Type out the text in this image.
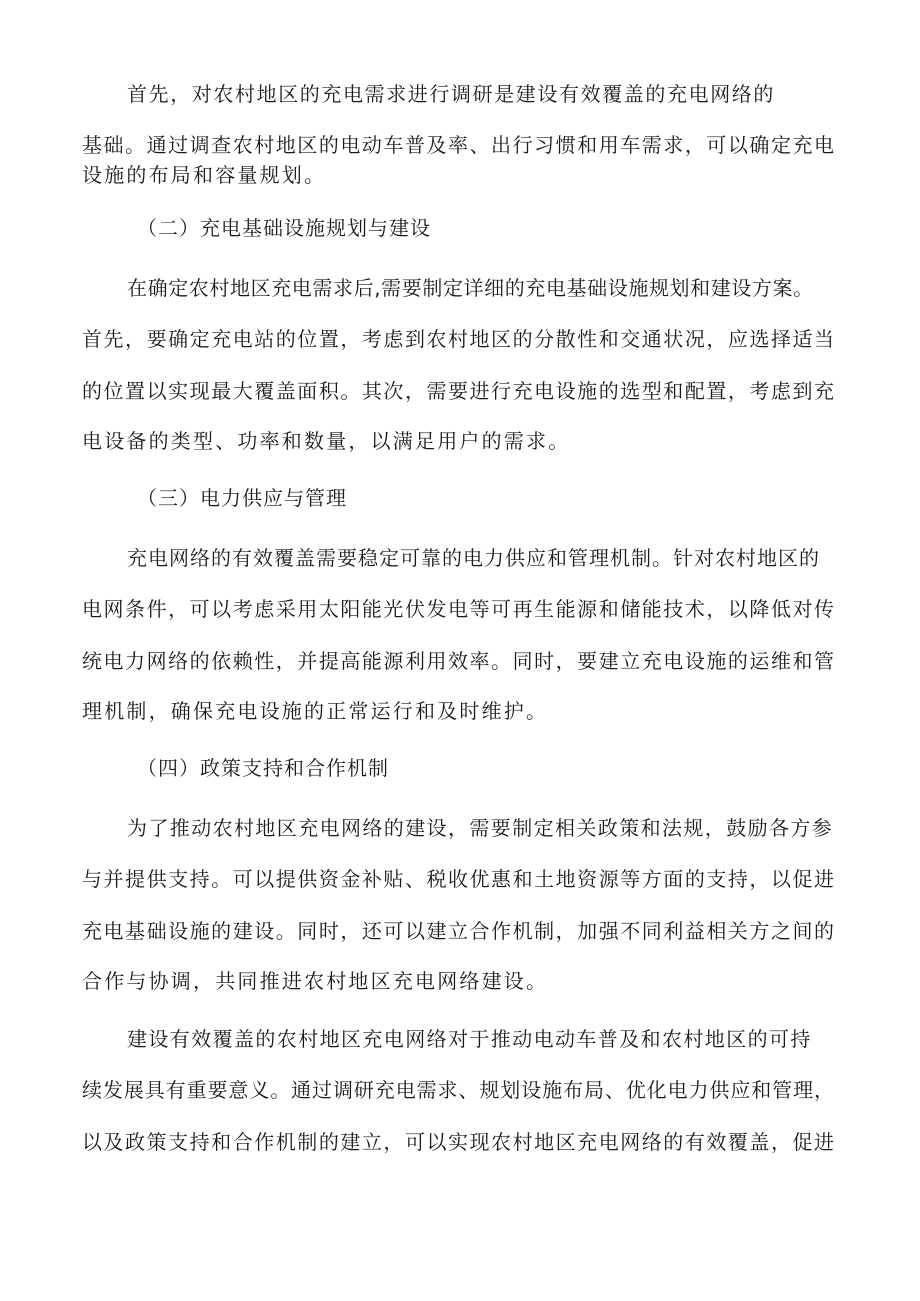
首先，对农村地区的充电需求进行调研是建设有效覆盖的充电网络的
基础。通过调查农村地区的电动车普及率、出行习惯和用车需求，可以确定充电
设施的布局和容量规划。
（二）充电基础设施规划与建设
在确定农村地区充电需求后,需要制定详细的充电基础设施规划和建设方案。
首先，要确定充电站的位置，考虑到农村地区的分散性和交通状况，应选择适当
的位置以实现最大覆盖面积。其次，需要进行充电设施的选型和配置，考虑到充
电设备的类型、功率和数量，以满足用户的需求。
（三）电力供应与管理
充电网络的有效覆盖需要稳定可靠的电力供应和管理机制。针对农村地区的
电网条件，可以考虑采用太阳能光伏发电等可再生能源和储能技术，以降低对传
统电力网络的依赖性，并提高能源利用效率。同时，要建立充电设施的运维和管
理机制，确保充电设施的正常运行和及时维护。
（四）政策支持和合作机制
为了推动农村地区充电网络的建设，需要制定相关政策和法规，鼓励各方参
与并提供支持。可以提供资金补贴、税收优惠和土地资源等方面的支持，以促进
充电基础设施的建设。同时，还可以建立合作机制，加强不同利益相关方之间的
合作与协调，共同推进农村地区充电网络建设。
建设有效覆盖的农村地区充电网络对于推动电动车普及和农村地区的可持
续发展具有重要意义。通过调研充电需求、规划设施布局、优化电力供应和管理，
以及政策支持和合作机制的建立，可以实现农村地区充电网络的有效覆盖，促进
